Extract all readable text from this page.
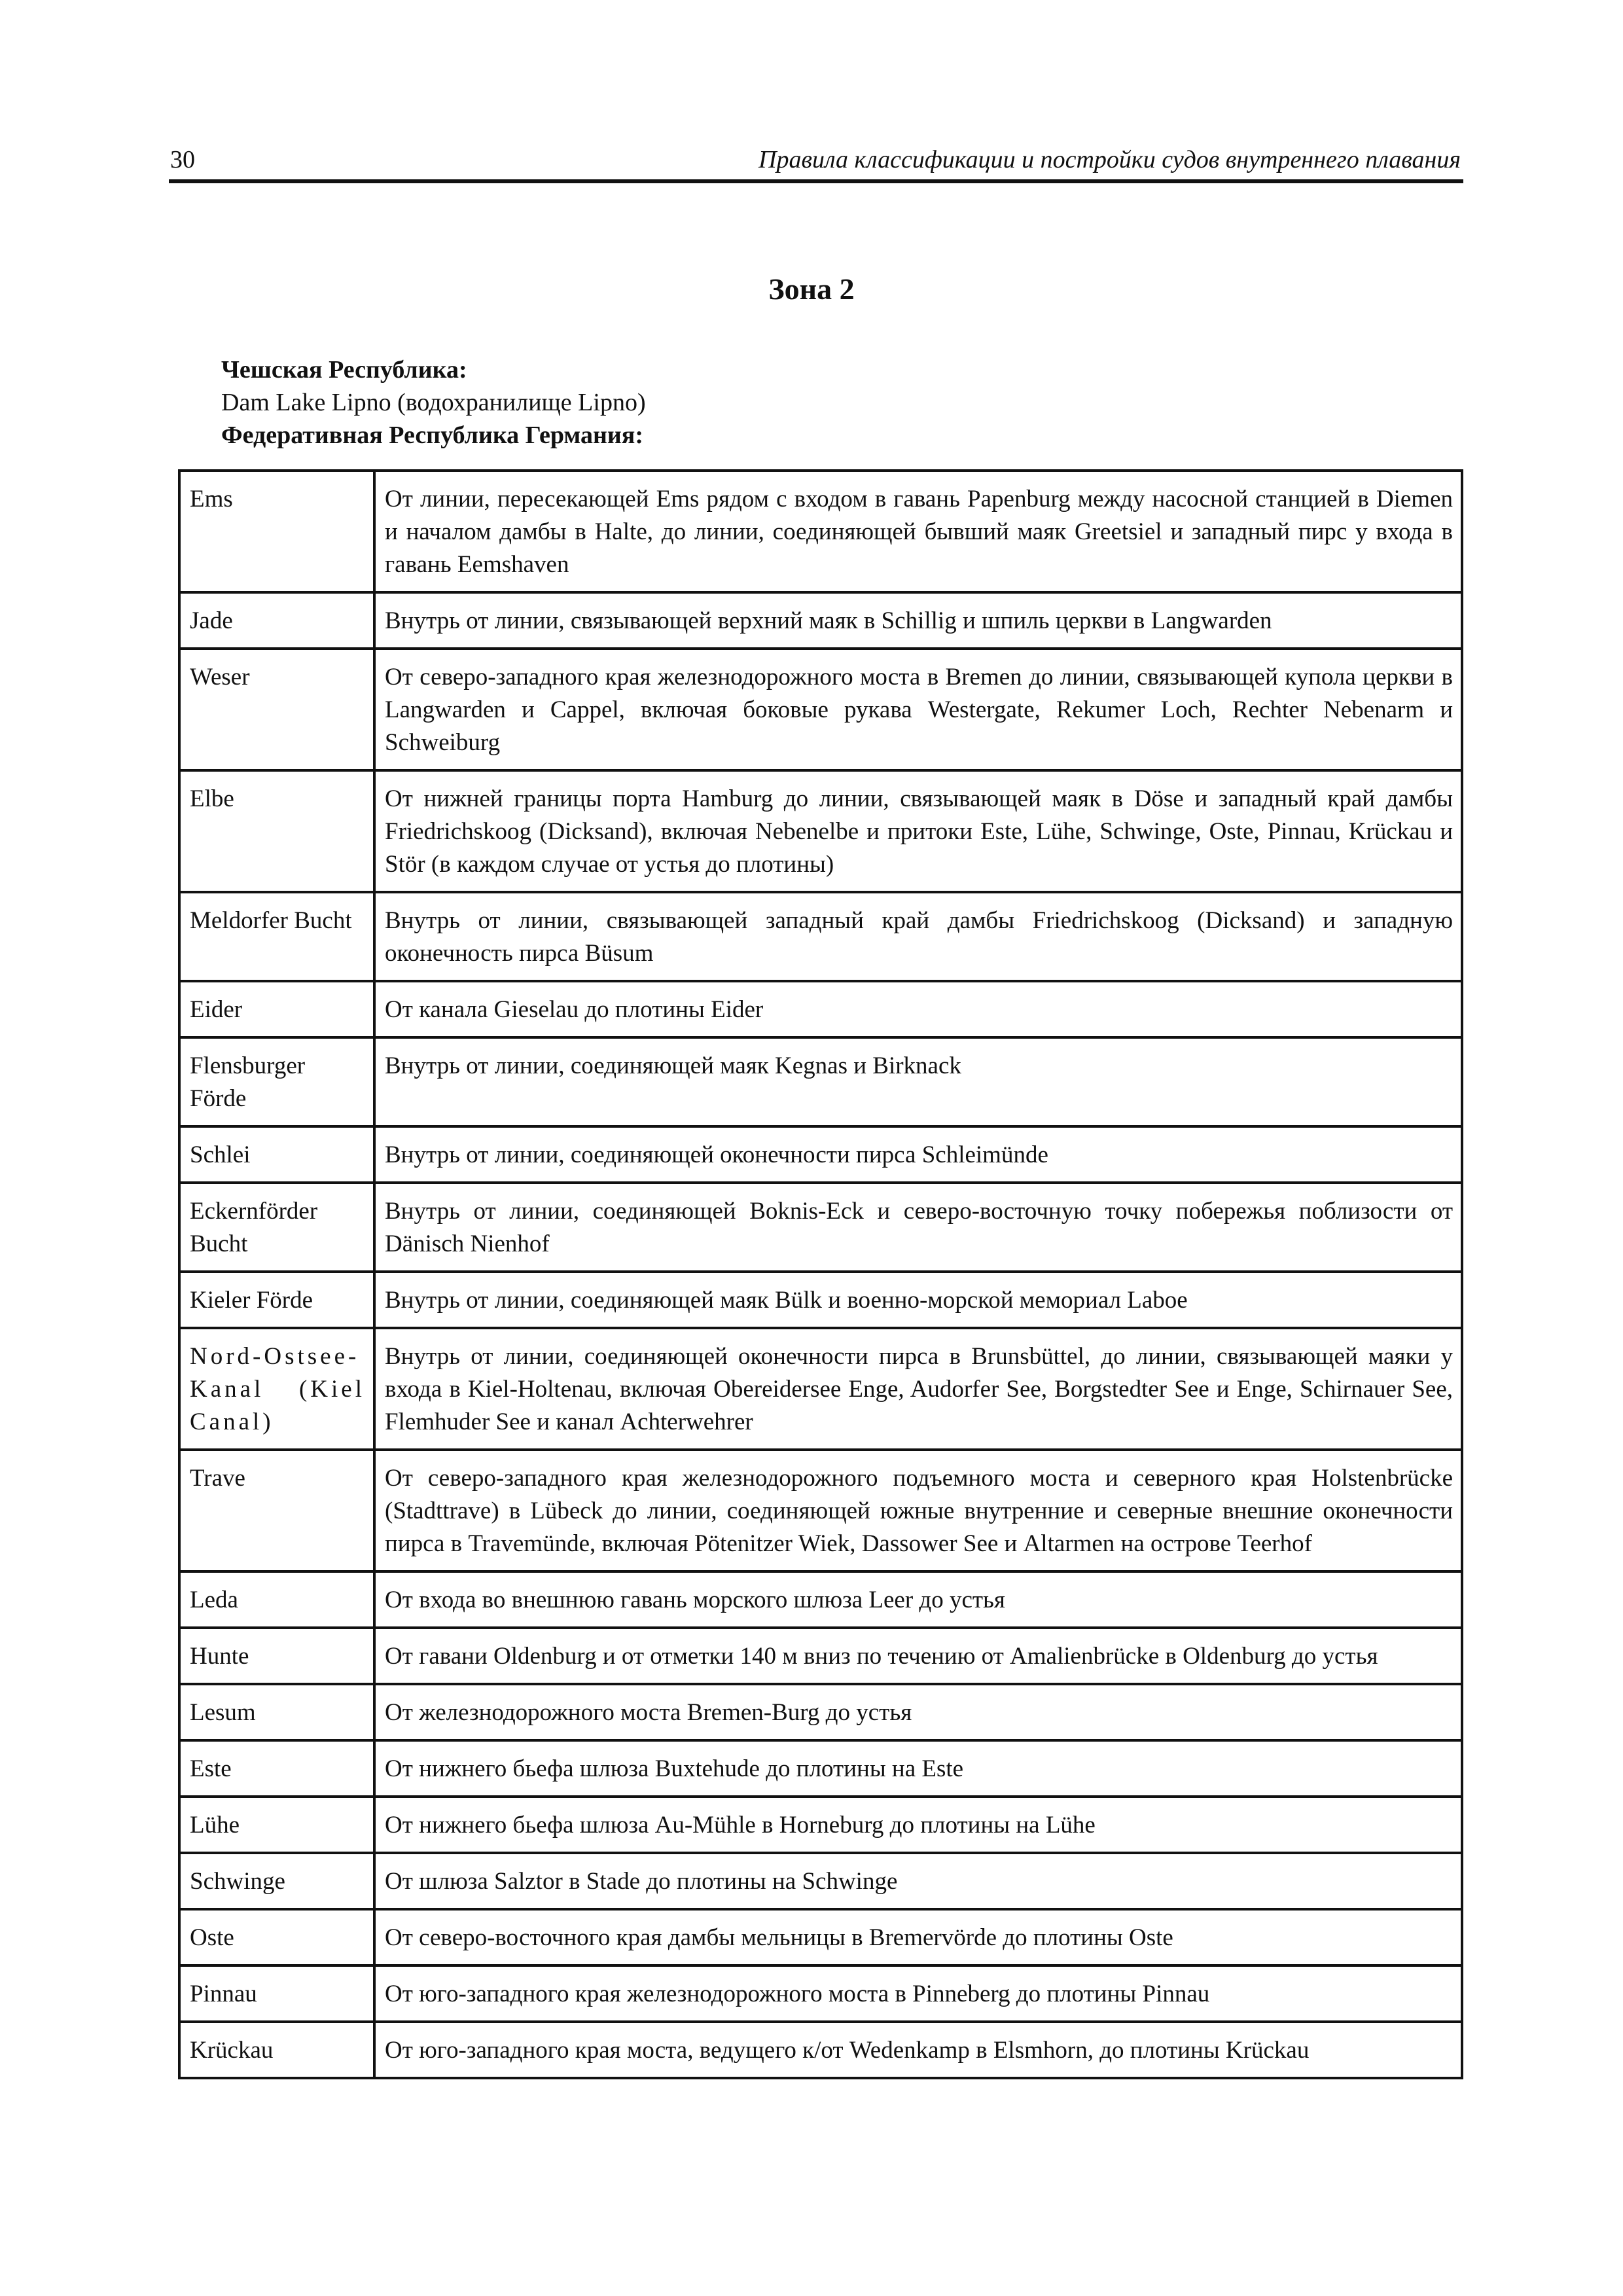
30	Правила классификации и постройки судов внутреннего плавания
Зона 2
Чешская Республика:
Dam Lake Lipno (водохранилище Lipno)
Федеративная Республика Германия:
Ems	От линии, пересекающей Ems рядом с входом в гавань Papenburg между насосной станцией в Diemen и началом дамбы в Halte, до линии, соединяющей бывший маяк Greetsiel и западный пирс у входа в гавань Eemshaven
Jade	Внутрь от линии, связывающей верхний маяк в Schillig и шпиль церкви в Langwarden
Weser	От северо-западного края железнодорожного моста в Bremen до линии, связывающей купола церкви в Langwarden и Cappel, включая боковые рукава Westergate, Rekumer Loch, Rechter Nebenarm и Schweiburg
Elbe	От нижней границы порта Hamburg до линии, связывающей маяк в Döse и западный край дамбы Friedrichskoog (Dicksand), включая Nebenelbe и притоки Este, Lühe, Schwinge, Oste, Pinnau, Krückau и Stör (в каждом случае от устья до плотины)
Meldorfer Bucht	Внутрь от линии, связывающей западный край дамбы Friedrichskoog (Dicksand) и западную оконечность пирса Büsum
Eider	От канала Gieselau до плотины Eider
Flensburger Förde	Внутрь от линии, соединяющей маяк Kegnas и Birknack
Schlei	Внутрь от линии, соединяющей оконечности пирса Schleimünde
Eckernförder Bucht	Внутрь от линии, соединяющей Boknis-Eck и северо-восточную точку побережья поблизости от Dänisch Nienhof
Kieler Förde	Внутрь от линии, соединяющей маяк Bülk и военно-морской мемориал Laboe
Nord-Ostsee-Kanal (Kiel Canal)	Внутрь от линии, соединяющей оконечности пирса в Brunsbüttel, до линии, связывающей маяки у входа в Kiel-Holtenau, включая Obereidersee Enge, Audorfer See, Borgstedter See и Enge, Schirnauer See, Flemhuder See и канал Achterwehrer
Trave	От северо-западного края железнодорожного подъемного моста и северного края Holstenbrücke (Stadttrave) в Lübeck до линии, соединяющей южные внутренние и северные внешние оконечности пирса в Travemünde, включая Pötenitzer Wiek, Dassower See и Altarmen на острове Teerhof
Leda	От входа во внешнюю гавань морского шлюза Leer до устья
Hunte	От гавани Oldenburg и от отметки 140 м вниз по течению от Amalienbrücke в Oldenburg до устья
Lesum	От железнодорожного моста Bremen-Burg до устья
Este	От нижнего бьефа шлюза Buxtehude до плотины на Este
Lühe	От нижнего бьефа шлюза Au-Mühle в Horneburg до плотины на Lühe
Schwinge	От шлюза Salztor в Stade до плотины на Schwinge
Oste	От северо-восточного края дамбы мельницы в Bremervörde до плотины Oste
Pinnau	От юго-западного края железнодорожного моста в Pinneberg до плотины Pinnau
Krückau	От юго-западного края моста, ведущего к/от Wedenkamp в Elsmhorn, до плотины Krückau
